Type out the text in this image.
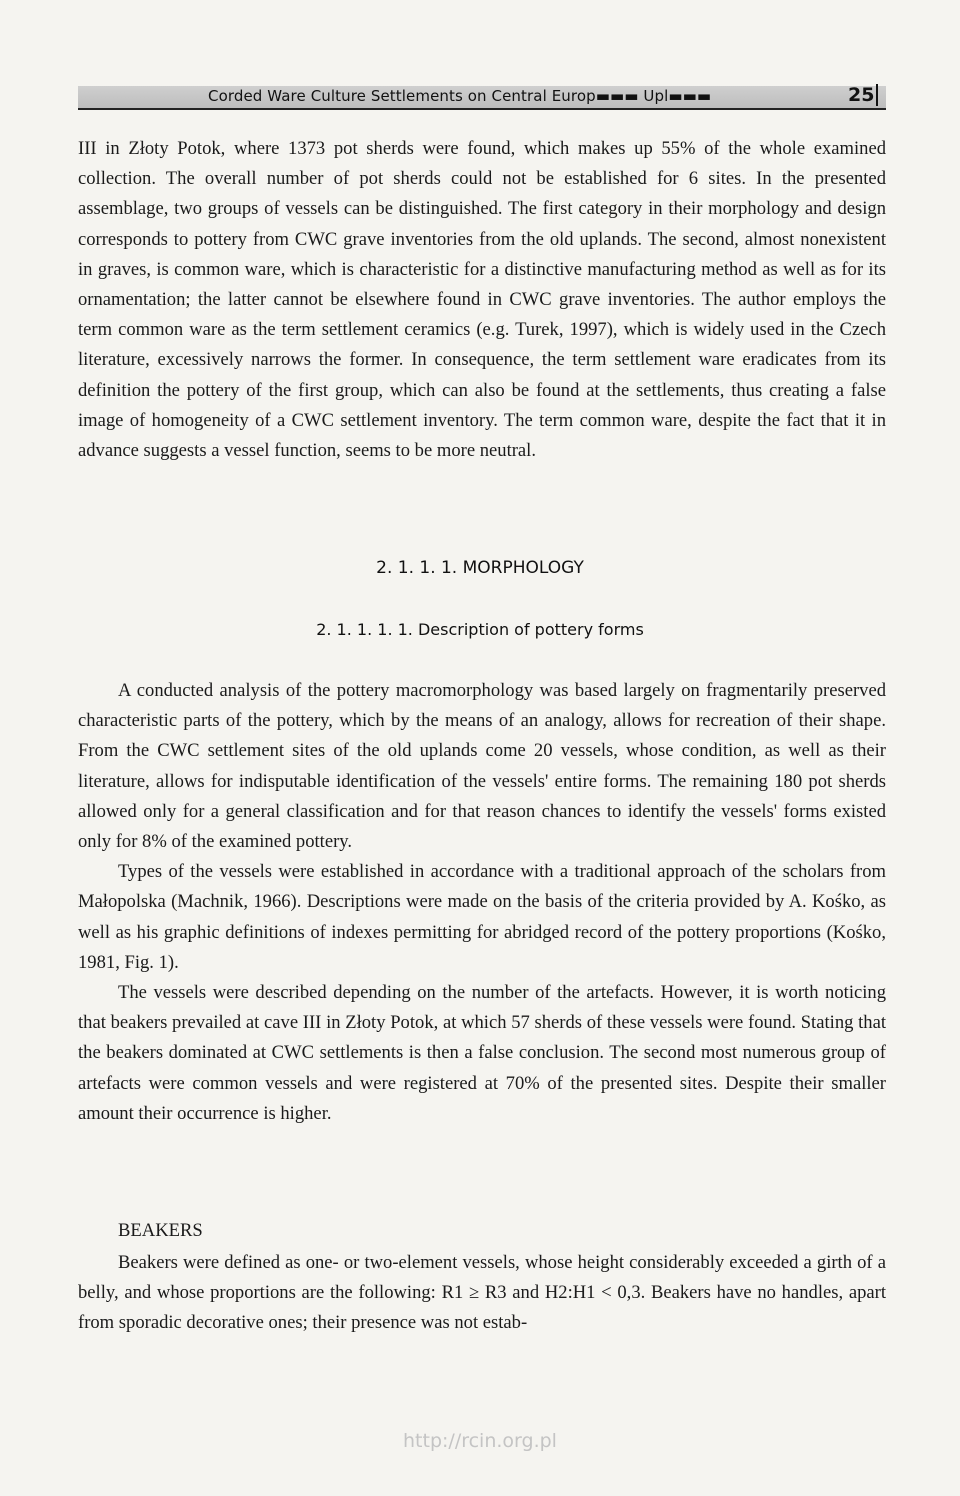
Corded Ware Culture Settlements on Central Europ▬▬▬ Upl▬▬▬	25

III in Złoty Potok, where 1373 pot sherds were found, which makes up 55% of the whole examined collection. The overall number of pot sherds could not be established for 6 sites. In the presented assemblage, two groups of vessels can be distinguished. The first category in their morphology and design corresponds to pottery from CWC grave inventories from the old uplands. The second, almost nonexistent in graves, is common ware, which is characteristic for a distinctive manufacturing method as well as for its ornamentation; the latter cannot be elsewhere found in CWC grave inventories. The author employs the term common ware as the term settlement ceramics (e.g. Turek, 1997), which is widely used in the Czech literature, excessively narrows the former. In consequence, the term settlement ware eradicates from its definition the pottery of the first group, which can also be found at the settlements, thus creating a false image of homogeneity of a CWC settlement inventory. The term common ware, despite the fact that it in advance suggests a vessel function, seems to be more neutral.

2. 1. 1. 1. MORPHOLOGY
2. 1. 1. 1. 1. Description of pottery forms

A conducted analysis of the pottery macromorphology was based largely on fragmentarily preserved characteristic parts of the pottery, which by the means of an analogy, allows for recreation of their shape. From the CWC settlement sites of the old uplands come 20 vessels, whose condition, as well as their literature, allows for indisputable identification of the vessels' entire forms. The remaining 180 pot sherds allowed only for a general classification and for that reason chances to identify the vessels' forms existed only for 8% of the examined pottery.

Types of the vessels were established in accordance with a traditional approach of the scholars from Małopolska (Machnik, 1966). Descriptions were made on the basis of the criteria provided by A. Kośko, as well as his graphic definitions of indexes permitting for abridged record of the pottery proportions (Kośko, 1981, Fig. 1).

The vessels were described depending on the number of the artefacts. However, it is worth noticing that beakers prevailed at cave III in Złoty Potok, at which 57 sherds of these vessels were found. Stating that the beakers dominated at CWC settlements is then a false conclusion. The second most numerous group of artefacts were common vessels and were registered at 70% of the presented sites. Despite their smaller amount their occurrence is higher.

BEAKERS

Beakers were defined as one- or two-element vessels, whose height considerably exceeded a girth of a belly, and whose proportions are the following: R1 ≥ R3 and H2:H1 < 0,3. Beakers have no handles, apart from sporadic decorative ones; their presence was not estab-

http://rcin.org.pl
